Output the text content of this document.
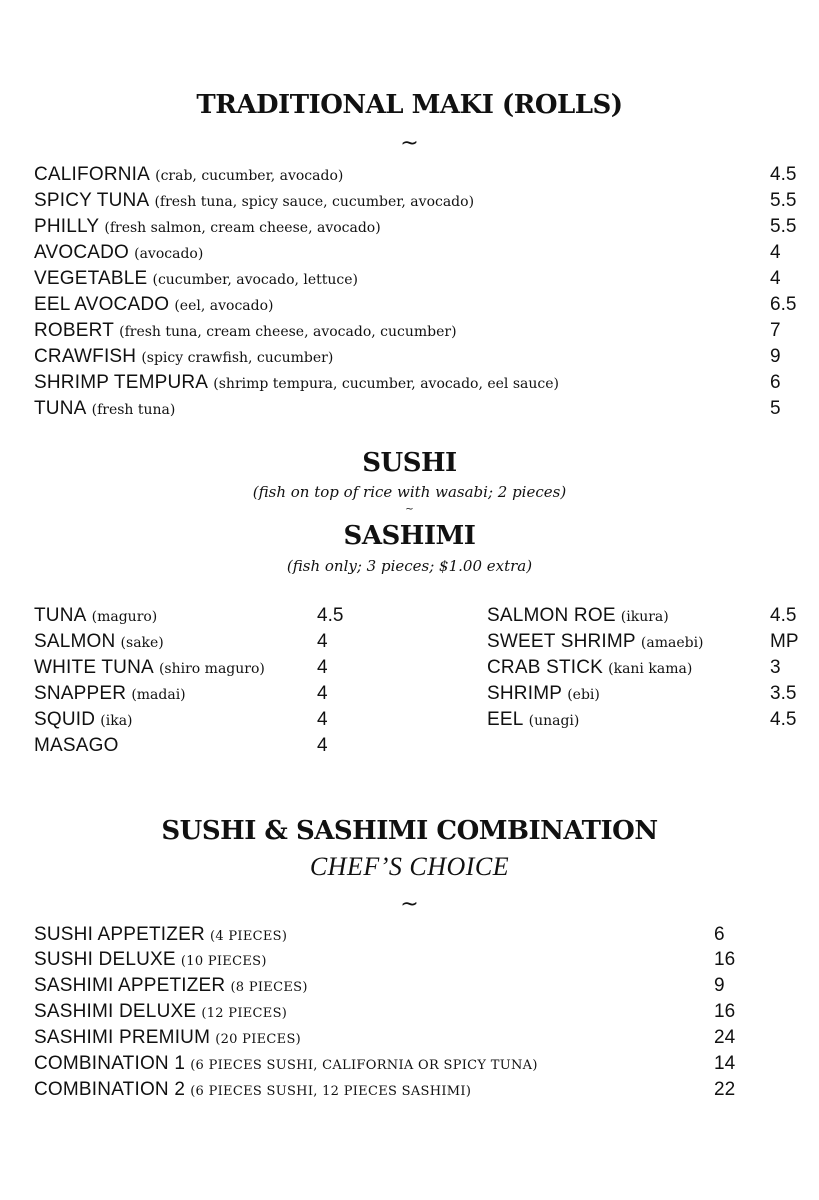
TRADITIONAL MAKI (ROLLS)
~
CALIFORNIA (crab, cucumber, avocado)	4.5
SPICY TUNA (fresh tuna, spicy sauce, cucumber, avocado)	5.5
PHILLY (fresh salmon, cream cheese, avocado)	5.5
AVOCADO (avocado)	4
VEGETABLE (cucumber, avocado, lettuce)	4
EEL AVOCADO (eel, avocado)	6.5
ROBERT (fresh tuna, cream cheese, avocado, cucumber)	7
CRAWFISH (spicy crawfish, cucumber)	9
SHRIMP TEMPURA (shrimp tempura, cucumber, avocado, eel sauce)	6
TUNA (fresh tuna)	5
SUSHI
(fish on top of rice with wasabi; 2 pieces)
~
SASHIMI
(fish only; 3 pieces; $1.00 extra)
TUNA (maguro)	4.5
SALMON (sake)	4
WHITE TUNA (shiro maguro)	4
SNAPPER (madai)	4
SQUID (ika)	4
MASAGO	4
SALMON ROE (ikura)	4.5
SWEET SHRIMP (amaebi)	MP
CRAB STICK (kani kama)	3
SHRIMP (ebi)	3.5
EEL (unagi)	4.5
SUSHI & SASHIMI COMBINATION
CHEF’S CHOICE
~
SUSHI APPETIZER (4 PIECES)	6
SUSHI DELUXE (10 PIECES)	16
SASHIMI APPETIZER (8 PIECES)	9
SASHIMI DELUXE (12 PIECES)	16
SASHIMI PREMIUM (20 PIECES)	24
COMBINATION 1 (6 PIECES SUSHI, CALIFORNIA OR SPICY TUNA)	14
COMBINATION 2 (6 PIECES SUSHI, 12 PIECES SASHIMI)	22
